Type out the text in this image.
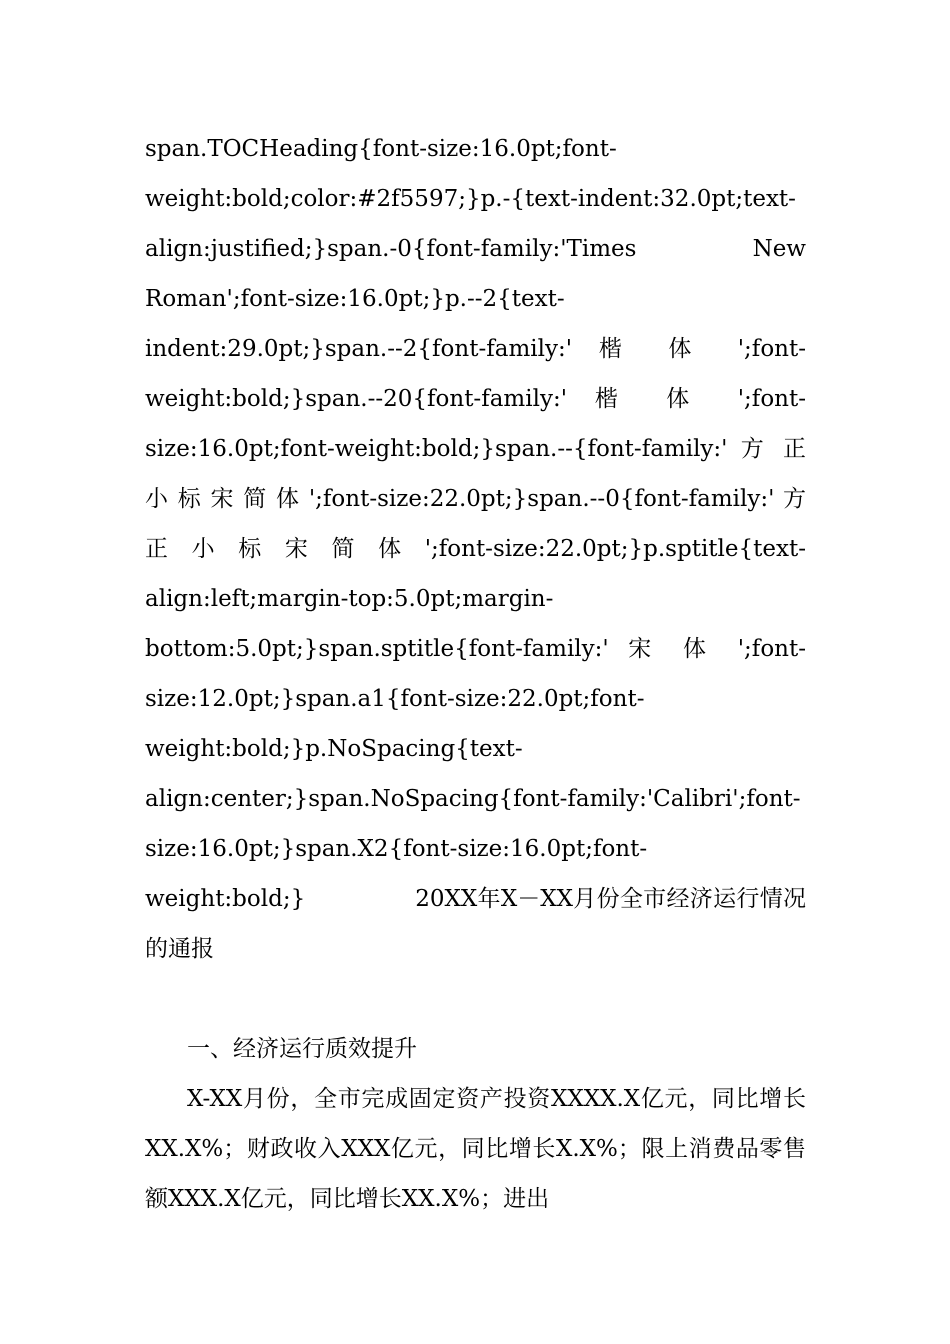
span.TOCHeading{font-size:16.0pt;font-weight:bold;color:#2f5597;}p.-{text-indent:32.0pt;text-align:justified;}span.-0{font-family:'Times New Roman';font-size:16.0pt;}p.--2{text-indent:29.0pt;}span.--2{font-family:' 楷 体 ';font-weight:bold;}span.--20{font-family:' 楷 体 ';font-size:16.0pt;font-weight:bold;}span.--{font-family:' 方 正 小 标 宋 简 体 ';font-size:22.0pt;}span.--0{font-family:' 方 正 小 标 宋 简 体 ';font-size:22.0pt;}p.sptitle{text-align:left;margin-top:5.0pt;margin-bottom:5.0pt;}span.sptitle{font-family:' 宋 体 ';font-size:12.0pt;}span.a1{font-size:22.0pt;font-weight:bold;}p.NoSpacing{text-align:center;}span.NoSpacing{font-family:'Calibri';font-size:16.0pt;}span.X2{font-size:16.0pt;font-weight:bold;}	20XX年X－XX月份全市经济运行情况的通报

一、经济运行质效提升

X-XX月份，全市完成固定资产投资XXXX.X亿元，同比增长XX.X%；财政收入XXX亿元，同比增长X.X%；限上消费品零售额XXX.X亿元，同比增长XX.X%；进出
